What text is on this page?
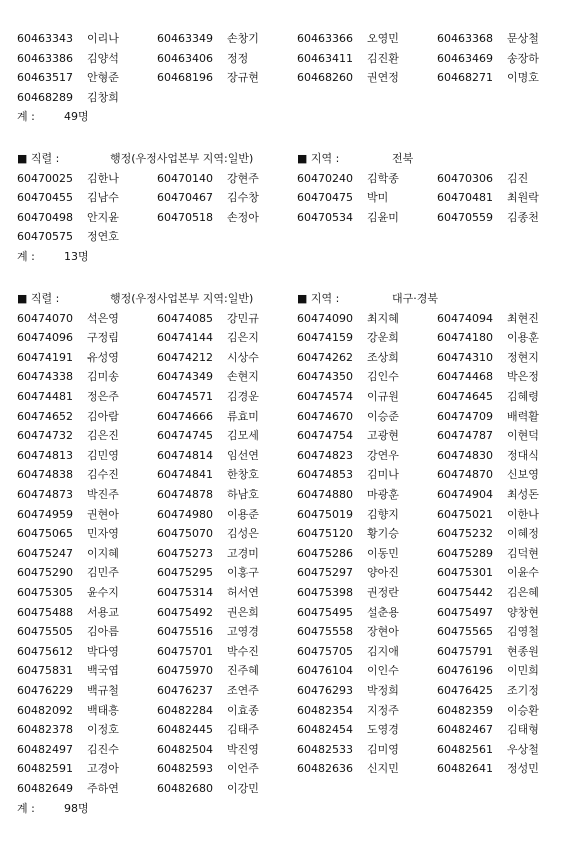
60463343 이리나	60463349 손창기	60463366 오영민	60463368 문상철
60463386 김양석	60463406 정정	60463411 김진환	60463469 송장하
60463517 안형준	60468196 장규현	60468260 권연정	60468271 이명호
60468289 김창희
계 :	49명
■ 직렬 :	행정(우정사업본부 지역:일반)	■ 지역 :	전북
60470025 김한나	60470140 강현주	60470240 김학종	60470306 김진
60470455 김남수	60470467 김수창	60470475 박미	60470481 최원락
60470498 안지윤	60470518 손정아	60470534 김윤미	60470559 김종천
60470575 정연호
계 :	13명
■ 직렬 :	행정(우정사업본부 지역:일반)	■ 지역 :	대구·경북
60474070 석은영	60474085 강민규	60474090 최지혜	60474094 최현진
60474096 구정림	60474144 김은지	60474159 강운희	60474180 이용훈
60474191 유성영	60474212 시상수	60474262 조상희	60474310 정현지
60474338 김미송	60474349 손현지	60474350 김인수	60474468 박은정
60474481 정은주	60474571 김경운	60474574 이규원	60474645 김혜령
60474652 김아람	60474666 류효미	60474670 이승준	60474709 배력활
60474732 김은진	60474745 김모세	60474754 고광현	60474787 이현덕
60474813 김민영	60474814 임선연	60474823 강연우	60474830 정대식
60474838 김수진	60474841 한창호	60474853 김미나	60474870 신보영
60474873 박진주	60474878 하남호	60474880 마광훈	60474904 최성돈
60474959 권현아	60474980 이용준	60475019 김향지	60475021 이한나
60475065 민자영	60475070 김성은	60475120 황기승	60475232 이혜정
60475247 이지혜	60475273 고경미	60475286 이동민	60475289 김덕현
60475290 김민주	60475295 이홍구	60475297 양아진	60475301 이윤수
60475305 윤수지	60475314 허서연	60475398 권정란	60475442 김은혜
60475488 서용교	60475492 권은희	60475495 설춘용	60475497 양창현
60475505 김아름	60475516 고영경	60475558 장현아	60475565 김영철
60475612 박다영	60475701 박수진	60475705 김지애	60475791 현종원
60475831 백국엽	60475970 진주혜	60476104 이인수	60476196 이민희
60476229 백규철	60476237 조연주	60476293 박정희	60476425 조기정
60482092 백태흥	60482284 이효종	60482354 지정주	60482359 이승환
60482378 이정호	60482445 김태주	60482454 도영경	60482467 김태형
60482497 김진수	60482504 박진영	60482533 김미영	60482561 우상철
60482591 고경아	60482593 이언주	60482636 신지민	60482641 정성민
60482649 주하연	60482680 이강민
계 :	98명
